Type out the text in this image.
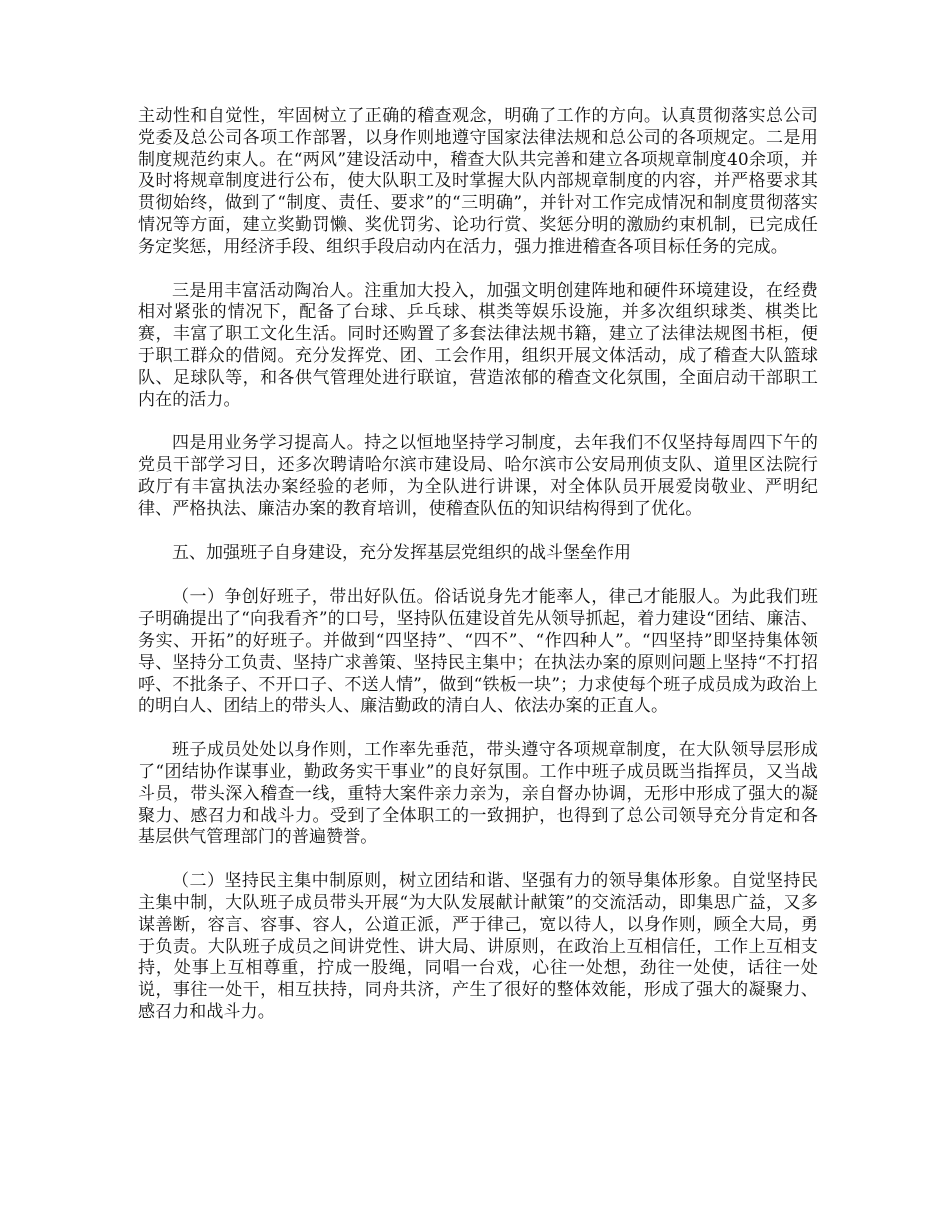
主动性和自觉性，牢固树立了正确的稽查观念，明确了工作的方向。认真贯彻落实总公司党委及总公司各项工作部署，以身作则地遵守国家法律法规和总公司的各项规定。二是用制度规范约束人。在“两风”建设活动中，稽查大队共完善和建立各项规章制度40余项，并及时将规章制度进行公布，使大队职工及时掌握大队内部规章制度的内容，并严格要求其贯彻始终，做到了“制度、责任、要求”的“三明确”，并针对工作完成情况和制度贯彻落实情况等方面，建立奖勤罚懒、奖优罚劣、论功行赏、奖惩分明的激励约束机制，已完成任务定奖惩，用经济手段、组织手段启动内在活力，强力推进稽查各项目标任务的完成。

三是用丰富活动陶冶人。注重加大投入，加强文明创建阵地和硬件环境建设，在经费相对紧张的情况下，配备了台球、乒乓球、棋类等娱乐设施，并多次组织球类、棋类比赛，丰富了职工文化生活。同时还购置了多套法律法规书籍，建立了法律法规图书柜，便于职工群众的借阅。充分发挥党、团、工会作用，组织开展文体活动，成了稽查大队篮球队、足球队等，和各供气管理处进行联谊，营造浓郁的稽查文化氛围，全面启动干部职工内在的活力。

四是用业务学习提高人。持之以恒地坚持学习制度，去年我们不仅坚持每周四下午的党员干部学习日，还多次聘请哈尔滨市建设局、哈尔滨市公安局刑侦支队、道里区法院行政厅有丰富执法办案经验的老师，为全队进行讲课，对全体队员开展爱岗敬业、严明纪律、严格执法、廉洁办案的教育培训，使稽查队伍的知识结构得到了优化。

五、加强班子自身建设，充分发挥基层党组织的战斗堡垒作用

（一）争创好班子，带出好队伍。俗话说身先才能率人，律己才能服人。为此我们班子明确提出了“向我看齐”的口号，坚持队伍建设首先从领导抓起，着力建设“团结、廉洁、务实、开拓”的好班子。并做到“四坚持”、“四不”、“作四种人”。“四坚持”即坚持集体领导、坚持分工负责、坚持广求善策、坚持民主集中；在执法办案的原则问题上坚持“不打招呼、不批条子、不开口子、不送人情”，做到“铁板一块”；力求使每个班子成员成为政治上的明白人、团结上的带头人、廉洁勤政的清白人、依法办案的正直人。

班子成员处处以身作则，工作率先垂范，带头遵守各项规章制度，在大队领导层形成了“团结协作谋事业，勤政务实干事业”的良好氛围。工作中班子成员既当指挥员，又当战斗员，带头深入稽查一线，重特大案件亲力亲为，亲自督办协调，无形中形成了强大的凝聚力、感召力和战斗力。受到了全体职工的一致拥护，也得到了总公司领导充分肯定和各基层供气管理部门的普遍赞誉。

（二）坚持民主集中制原则，树立团结和谐、坚强有力的领导集体形象。自觉坚持民主集中制，大队班子成员带头开展“为大队发展献计献策”的交流活动，即集思广益，又多谋善断，容言、容事、容人，公道正派，严于律己，宽以待人，以身作则，顾全大局，勇于负责。大队班子成员之间讲党性、讲大局、讲原则，在政治上互相信任，工作上互相支持，处事上互相尊重，拧成一股绳，同唱一台戏，心往一处想，劲往一处使，话往一处说，事往一处干，相互扶持，同舟共济，产生了很好的整体效能，形成了强大的凝聚力、感召力和战斗力。
